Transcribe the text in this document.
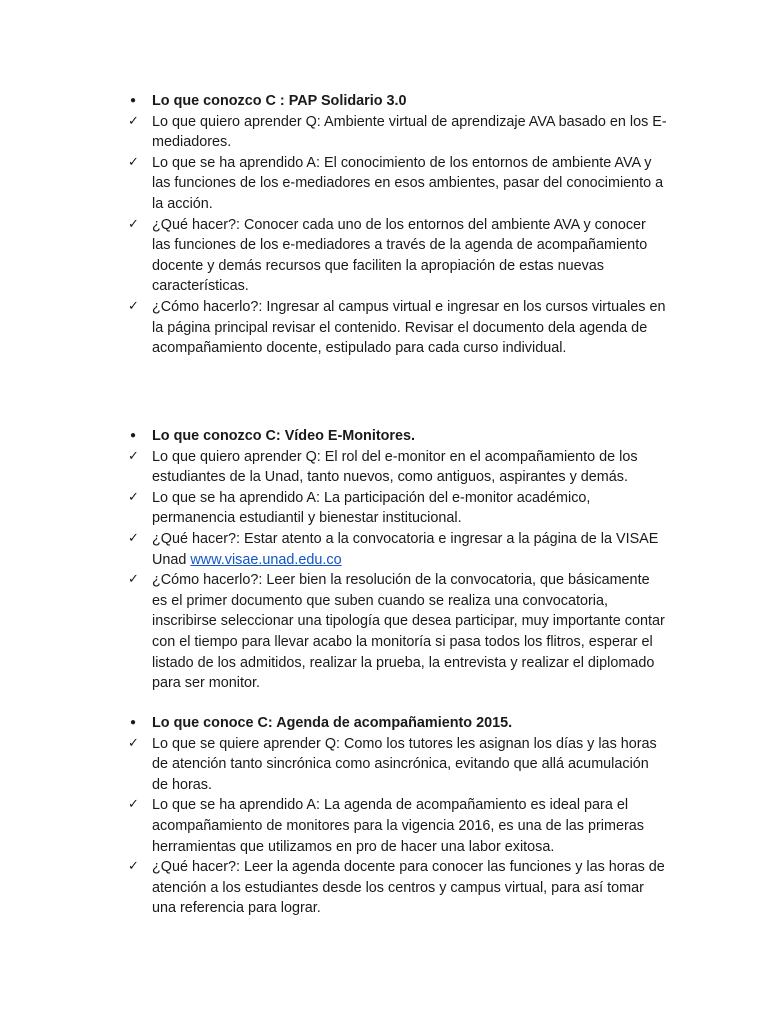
●	Lo que conozco C : PAP Solidario 3.0
✓ Lo que quiero aprender Q: Ambiente virtual de aprendizaje AVA basado en los E-mediadores.
✓ Lo que se ha aprendido A: El conocimiento de los entornos de ambiente AVA y las funciones de los e-mediadores en esos ambientes, pasar del conocimiento a la acción.
✓ ¿Qué hacer?: Conocer cada uno de los entornos del ambiente AVA y conocer las funciones de los e-mediadores a través de la agenda de acompañamiento docente y demás recursos que faciliten la apropiación de estas nuevas características.
✓ ¿Cómo hacerlo?: Ingresar al campus virtual e ingresar en los cursos virtuales en la página principal revisar el contenido. Revisar el documento dela agenda de acompañamiento docente, estipulado para cada curso individual.
●	Lo que conozco C: Vídeo E-Monitores.
✓ Lo que quiero aprender Q: El rol del e-monitor en el acompañamiento de los estudiantes de la Unad, tanto nuevos, como antiguos, aspirantes y demás.
✓ Lo que se ha aprendido A: La participación del e-monitor académico, permanencia estudiantil y bienestar institucional.
✓ ¿Qué hacer?: Estar atento a la convocatoria e ingresar a la página de la VISAE Unad www.visae.unad.edu.co
✓ ¿Cómo hacerlo?: Leer bien la resolución de la convocatoria, que básicamente es el primer documento que suben cuando se realiza una convocatoria, inscribirse seleccionar una tipología que desea participar, muy importante contar con el tiempo para llevar acabo la monitoría si pasa todos los flitros, esperar el listado de los admitidos, realizar la prueba, la entrevista y realizar el diplomado para ser monitor.
●	Lo que conoce C: Agenda de acompañamiento 2015.
✓ Lo que se quiere aprender Q: Como los tutores les asignan los días y las horas de atención tanto sincrónica como asincrónica, evitando que allá acumulación de horas.
✓ Lo que se ha aprendido A: La agenda de acompañamiento es ideal para el acompañamiento de monitores para la vigencia 2016, es una de las primeras herramientas que utilizamos en pro de hacer una labor exitosa.
✓ ¿Qué hacer?: Leer la agenda docente para conocer las funciones y las horas de atención a los estudiantes desde los centros y campus virtual, para así tomar una referencia para lograr.
